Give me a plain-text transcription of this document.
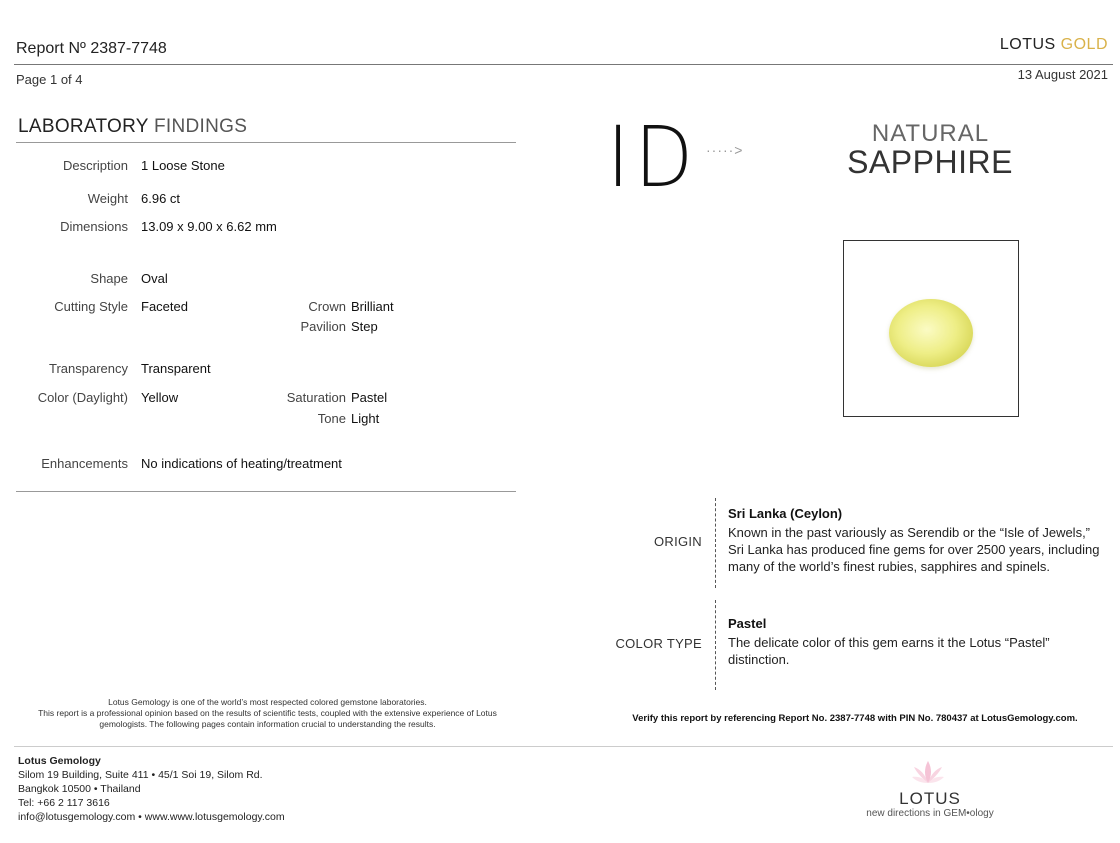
Report Nº 2387-7748
Page 1 of 4
LOTUS GOLD
13 August 2021
LABORATORY FINDINGS
Description 1 Loose Stone
Weight 6.96 ct
Dimensions 13.09 x 9.00 x 6.62 mm
Shape Oval
Cutting Style Faceted	Crown Brilliant
Pavilion Step
Transparency Transparent
Color (Daylight) Yellow	Saturation Pastel
Tone Light
Enhancements No indications of heating/treatment
ID ·····>
NATURAL
SAPPHIRE
ORIGIN
Sri Lanka (Ceylon)
Known in the past variously as Serendib or the “Isle of Jewels,”
Sri Lanka has produced fine gems for over 2500 years, including
many of the world’s finest rubies, sapphires and spinels.
COLOR TYPE
Pastel
The delicate color of this gem earns it the Lotus “Pastel”
distinction.
Lotus Gemology is one of the world’s most respected colored gemstone laboratories.
This report is a professional opinion based on the results of scientific tests, coupled with the extensive experience of Lotus
gemologists. The following pages contain information crucial to understanding the results.	Verify this report by referencing Report No. 2387-7748 with PIN No. 780437 at LotusGemology.com.
Lotus Gemology
Silom 19 Building, Suite 411 • 45/1 Soi 19, Silom Rd.
Bangkok 10500 • Thailand
Tel: +66 2 117 3616
info@lotusgemology.com • www.www.lotusgemology.com
LOTUS
new directions in GEM•ology
